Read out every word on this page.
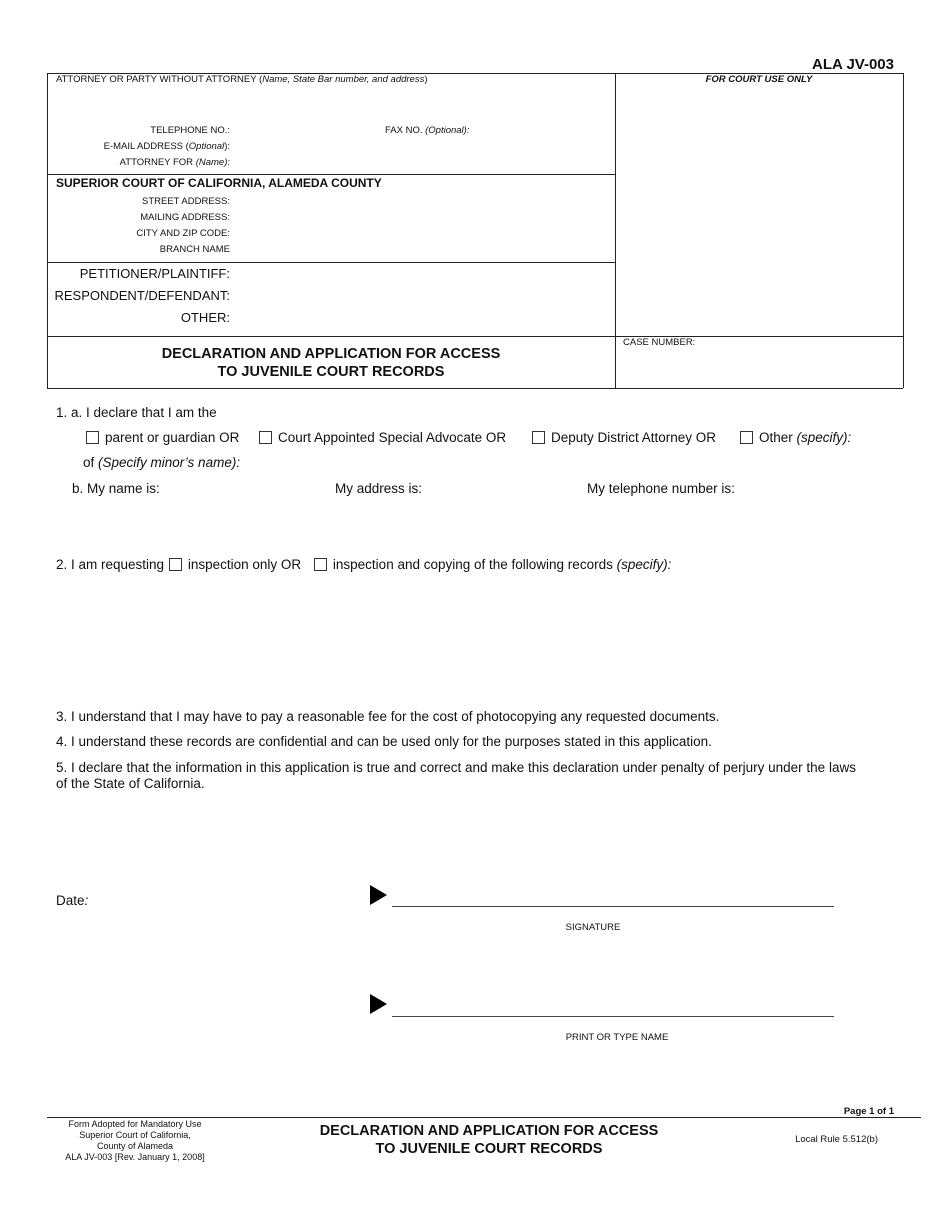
ALA JV-003
ATTORNEY OR PARTY WITHOUT ATTORNEY (Name, State Bar number, and address)	FOR COURT USE ONLY
TELEPHONE NO.:
E-MAIL ADDRESS (Optional):
ATTORNEY FOR (Name):
FAX NO. (Optional):
SUPERIOR COURT OF CALIFORNIA, ALAMEDA COUNTY
STREET ADDRESS:
MAILING ADDRESS:
CITY AND ZIP CODE:
BRANCH NAME
PETITIONER/PLAINTIFF:
RESPONDENT/DEFENDANT:
OTHER:
DECLARATION AND APPLICATION FOR ACCESS
TO JUVENILE COURT RECORDS
CASE NUMBER:
1. a. I declare that I am the
parent or guardian OR	Court Appointed Special Advocate OR	Deputy District Attorney OR	Other (specify):
of (Specify minor’s name):
b. My name is:	My address is:	My telephone number is:
2. I am requesting inspection only OR inspection and copying of the following records (specify):
3. I understand that I may have to pay a reasonable fee for the cost of photocopying any requested documents.
4. I understand these records are confidential and can be used only for the purposes stated in this application.
5. I declare that the information in this application is true and correct and make this declaration under penalty of perjury under the laws
of the State of California.
Date:
SIGNATURE
PRINT OR TYPE NAME
Page 1 of 1
Form Adopted for Mandatory Use
Superior Court of California,
County of Alameda
ALA JV-003 [Rev. January 1, 2008]
DECLARATION AND APPLICATION FOR ACCESS
TO JUVENILE COURT RECORDS
Local Rule 5.512(b)
